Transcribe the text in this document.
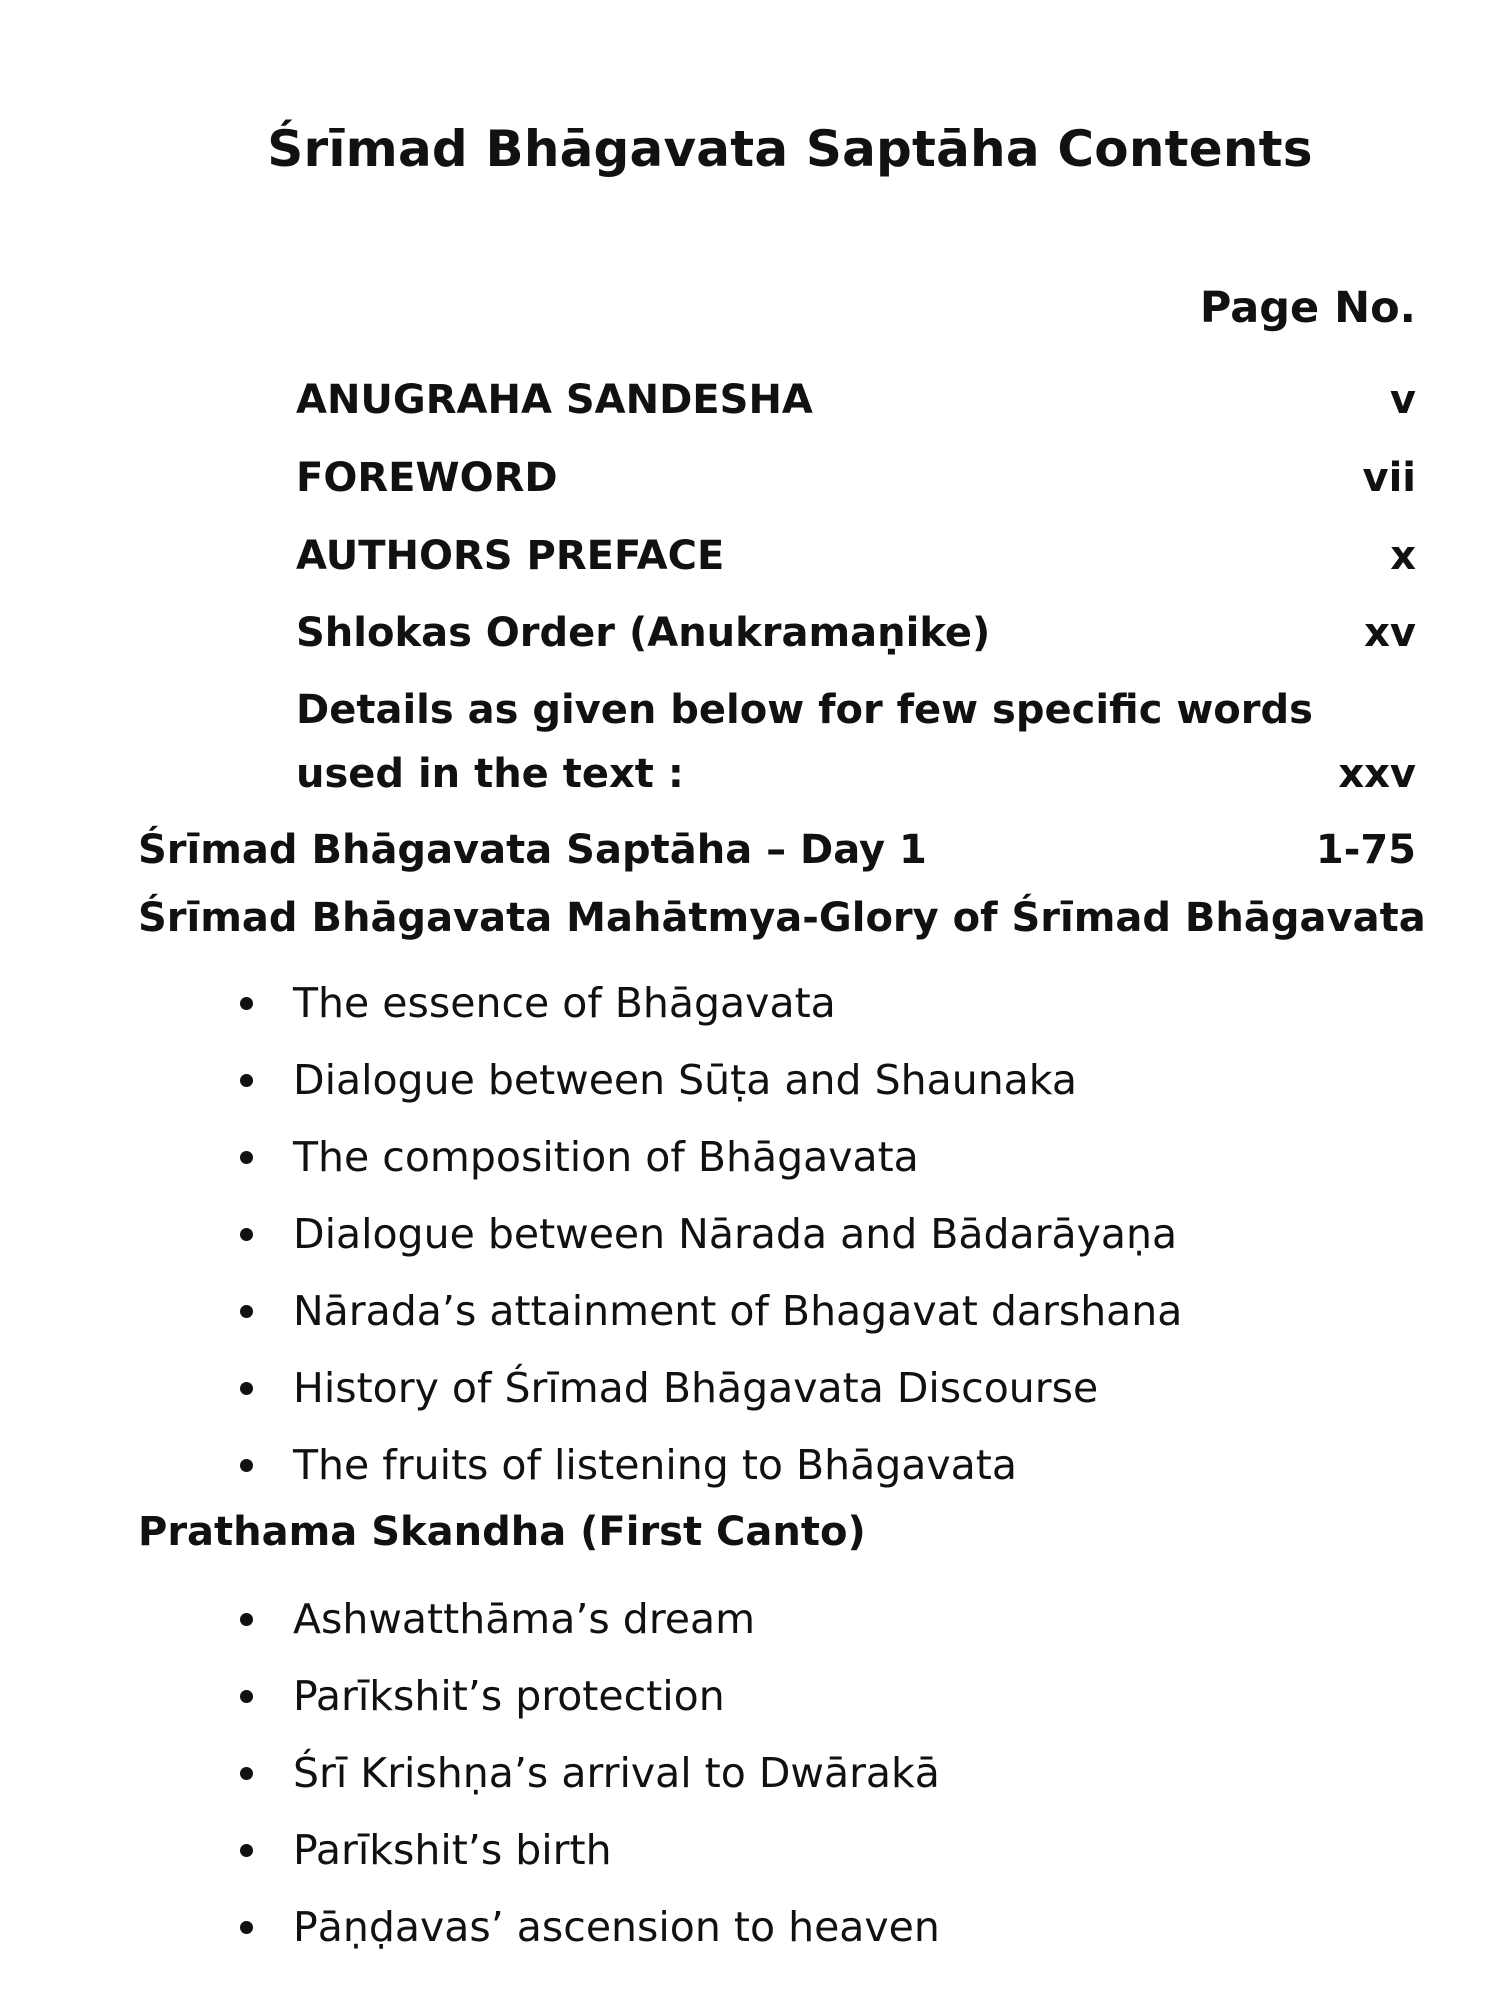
Śrīmad Bhāgavata Saptāha Contents
Page No.
ANUGRAHA SANDESHA	v
FOREWORD	vii
AUTHORS PREFACE	x
Shlokas Order (Anukramaṇike)	xv
Details as given below for few specific words
used in the text :	xxv
Śrīmad Bhāgavata Saptāha – Day 1	1-75
Śrīmad Bhāgavata Mahātmya-Glory of Śrīmad Bhāgavata
The essence of Bhāgavata
Dialogue between Sūṭa and Shaunaka
The composition of Bhāgavata
Dialogue between Nārada and Bādarāyaṇa
Nārada’s attainment of Bhagavat darshana
History of Śrīmad Bhāgavata Discourse
The fruits of listening to Bhāgavata
Prathama Skandha (First Canto)
Ashwatthāma’s dream
Parīkshit’s protection
Śrī Krishṇa’s arrival to Dwārakā
Parīkshit’s birth
Pāṇḍavas’ ascension to heaven
